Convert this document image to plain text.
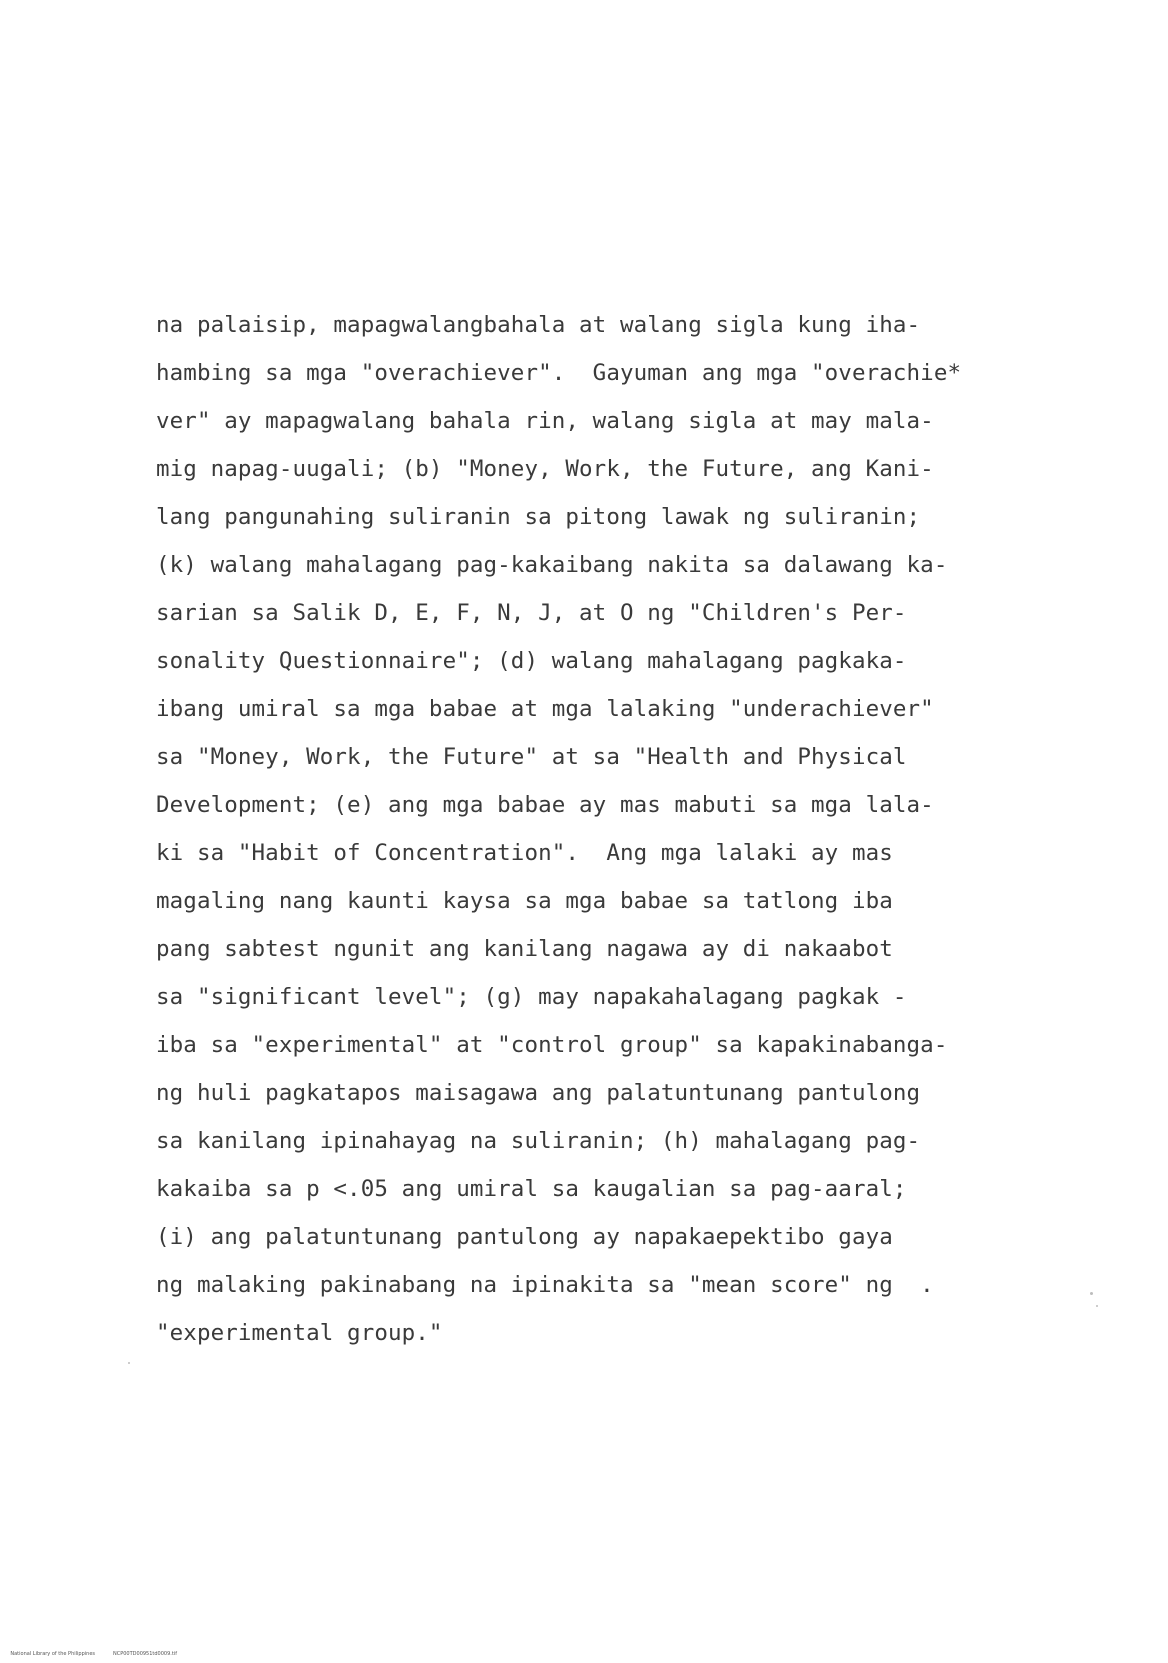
na palaisip, mapagwalangbahala at walang sigla kung iha-
hambing sa mga "overachiever".  Gayuman ang mga "overachie*
ver" ay mapagwalang bahala rin, walang sigla at may mala-
mig napag-uugali; (b) "Money, Work, the Future, ang Kani-
lang pangunahing suliranin sa pitong lawak ng suliranin;
(k) walang mahalagang pag-kakaibang nakita sa dalawang ka-
sarian sa Salik D, E, F, N, J, at O ng "Children's Per-
sonality Questionnaire"; (d) walang mahalagang pagkaka-
ibang umiral sa mga babae at mga lalaking "underachiever"
sa "Money, Work, the Future" at sa "Health and Physical
Development; (e) ang mga babae ay mas mabuti sa mga lala-
ki sa "Habit of Concentration".  Ang mga lalaki ay mas
magaling nang kaunti kaysa sa mga babae sa tatlong iba
pang sabtest ngunit ang kanilang nagawa ay di nakaabot
sa "significant level"; (g) may napakahalagang pagkak -
iba sa "experimental" at "control group" sa kapakinabanga-
ng huli pagkatapos maisagawa ang palatuntunang pantulong
sa kanilang ipinahayag na suliranin; (h) mahalagang pag-
kakaiba sa p <.05 ang umiral sa kaugalian sa pag-aaral;
(i) ang palatuntunang pantulong ay napakaepektibo gaya
ng malaking pakinabang na ipinakita sa "mean score" ng  .
"experimental group."

National Library of the Philippines	NCP00TD00951td0009.tif
